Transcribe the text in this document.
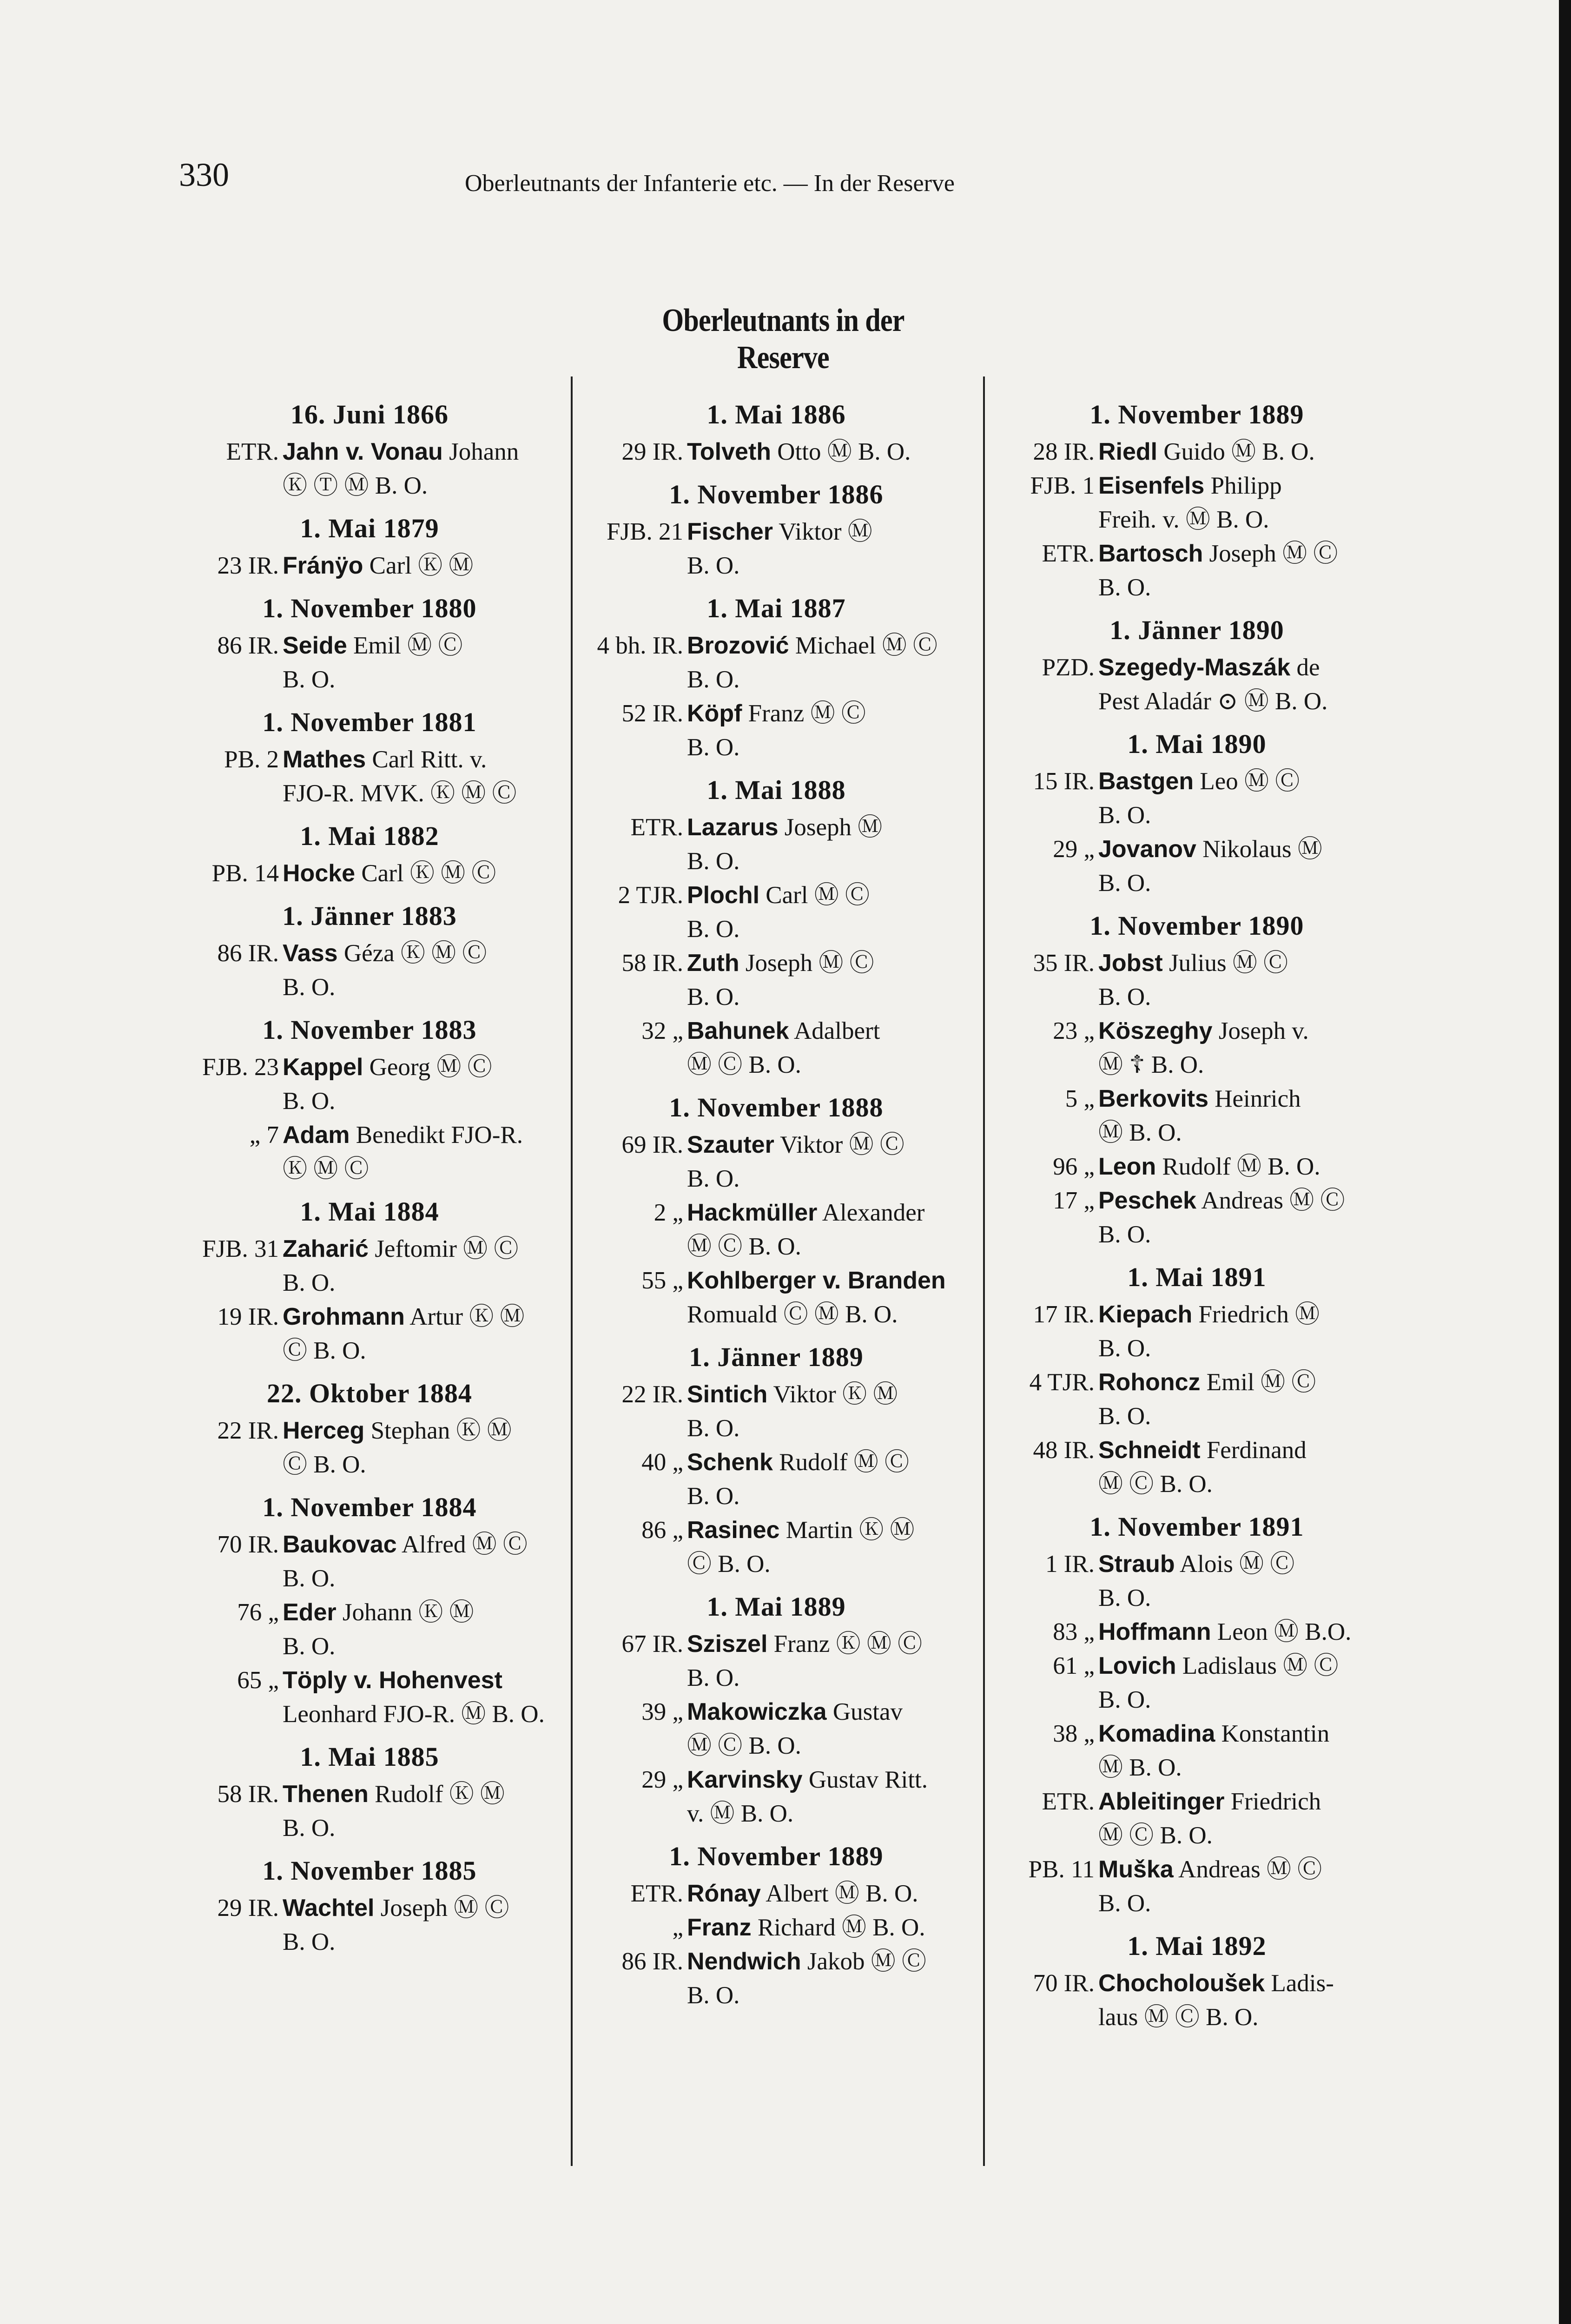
330	Oberleutnants der Infanterie etc. — In der Reserve
Oberleutnants in der Reserve
16. Juni 1866
ETR. Jahn v. Vonau Johann
Ⓚ Ⓣ Ⓜ B. O.
1. Mai 1879
23 IR. Fránÿo Carl Ⓚ Ⓜ
1. November 1880
86 IR. Seide Emil Ⓜ Ⓒ
B. O.
1. November 1881
PB. 2 Mathes Carl Ritt. v.
FJO-R. MVK. Ⓚ Ⓜ Ⓒ
1. Mai 1882
PB. 14 Hocke Carl Ⓚ Ⓜ Ⓒ
1. Jänner 1883
86 IR. Vass Géza Ⓚ Ⓜ Ⓒ
B. O.
1. November 1883
FJB. 23 Kappel Georg Ⓜ Ⓒ
B. O.
„ 7 Adam Benedikt FJO-R.
Ⓚ Ⓜ Ⓒ
1. Mai 1884
FJB. 31 Zaharić Jeftomir Ⓜ Ⓒ
B. O.
19 IR. Grohmann Artur Ⓚ Ⓜ
Ⓒ B. O.
22. Oktober 1884
22 IR. Herceg Stephan Ⓚ Ⓜ
Ⓒ B. O.
1. November 1884
70 IR. Baukovac Alfred Ⓜ Ⓒ
B. O.
76 „ Eder Johann Ⓚ Ⓜ
B. O.
65 „ Töply v. Hohenvest
Leonhard FJO-R. Ⓜ B. O.
1. Mai 1885
58 IR. Thenen Rudolf Ⓚ Ⓜ
B. O.
1. November 1885
29 IR. Wachtel Joseph Ⓜ Ⓒ
B. O.
1. Mai 1886
29 IR. Tolveth Otto Ⓜ B. O.
1. November 1886
FJB. 21 Fischer Viktor Ⓜ
B. O.
1. Mai 1887
4 bh. IR. Brozović Michael Ⓜ Ⓒ
B. O.
52 IR. Köpf Franz Ⓜ Ⓒ
B. O.
1. Mai 1888
ETR. Lazarus Joseph Ⓜ
B. O.
2 TJR. Plochl Carl Ⓜ Ⓒ
B. O.
58 IR. Zuth Joseph Ⓜ Ⓒ
B. O.
32 „ Bahunek Adalbert
Ⓜ Ⓒ B. O.
1. November 1888
69 IR. Szauter Viktor Ⓜ Ⓒ
B. O.
2 „ Hackmüller Alexander
Ⓜ Ⓒ B. O.
55 „ Kohlberger v. Branden
Romuald Ⓒ Ⓜ B. O.
1. Jänner 1889
22 IR. Sintich Viktor Ⓚ Ⓜ
B. O.
40 „ Schenk Rudolf Ⓜ Ⓒ
B. O.
86 „ Rasinec Martin Ⓚ Ⓜ
Ⓒ B. O.
1. Mai 1889
67 IR. Sziszel Franz Ⓚ Ⓜ Ⓒ
B. O.
39 „ Makowiczka Gustav
Ⓜ Ⓒ B. O.
29 „ Karvinsky Gustav Ritt.
v. Ⓜ B. O.
1. November 1889
ETR. Rónay Albert Ⓜ B. O.
„ Franz Richard Ⓜ B. O.
86 IR. Nendwich Jakob Ⓜ Ⓒ
B. O.
1. November 1889
28 IR. Riedl Guido Ⓜ B. O.
FJB. 1 Eisenfels Philipp
Freih. v. Ⓜ B. O.
ETR. Bartosch Joseph Ⓜ Ⓒ
B. O.
1. Jänner 1890
PZD. Szegedy-Maszák de
Pest Aladár ⊙ Ⓜ B. O.
1. Mai 1890
15 IR. Bastgen Leo Ⓜ Ⓒ
B. O.
29 „ Jovanov Nikolaus Ⓜ
B. O.
1. November 1890
35 IR. Jobst Julius Ⓜ Ⓒ
B. O.
23 „ Köszeghy Joseph v.
Ⓜ ☦ B. O.
5 „ Berkovits Heinrich
Ⓜ B. O.
96 „ Leon Rudolf Ⓜ B. O.
17 „ Peschek Andreas Ⓜ Ⓒ
B. O.
1. Mai 1891
17 IR. Kiepach Friedrich Ⓜ
B. O.
4 TJR. Rohoncz Emil Ⓜ Ⓒ
B. O.
48 IR. Schneidt Ferdinand
Ⓜ Ⓒ B. O.
1. November 1891
1 IR. Straub Alois Ⓜ Ⓒ
B. O.
83 „ Hoffmann Leon Ⓜ B.O.
61 „ Lovich Ladislaus Ⓜ Ⓒ
B. O.
38 „ Komadina Konstantin
Ⓜ B. O.
ETR. Ableitinger Friedrich
Ⓜ Ⓒ B. O.
PB. 11 Muška Andreas Ⓜ Ⓒ
B. O.
1. Mai 1892
70 IR. Chocholoušek Ladis-
laus Ⓜ Ⓒ B. O.
